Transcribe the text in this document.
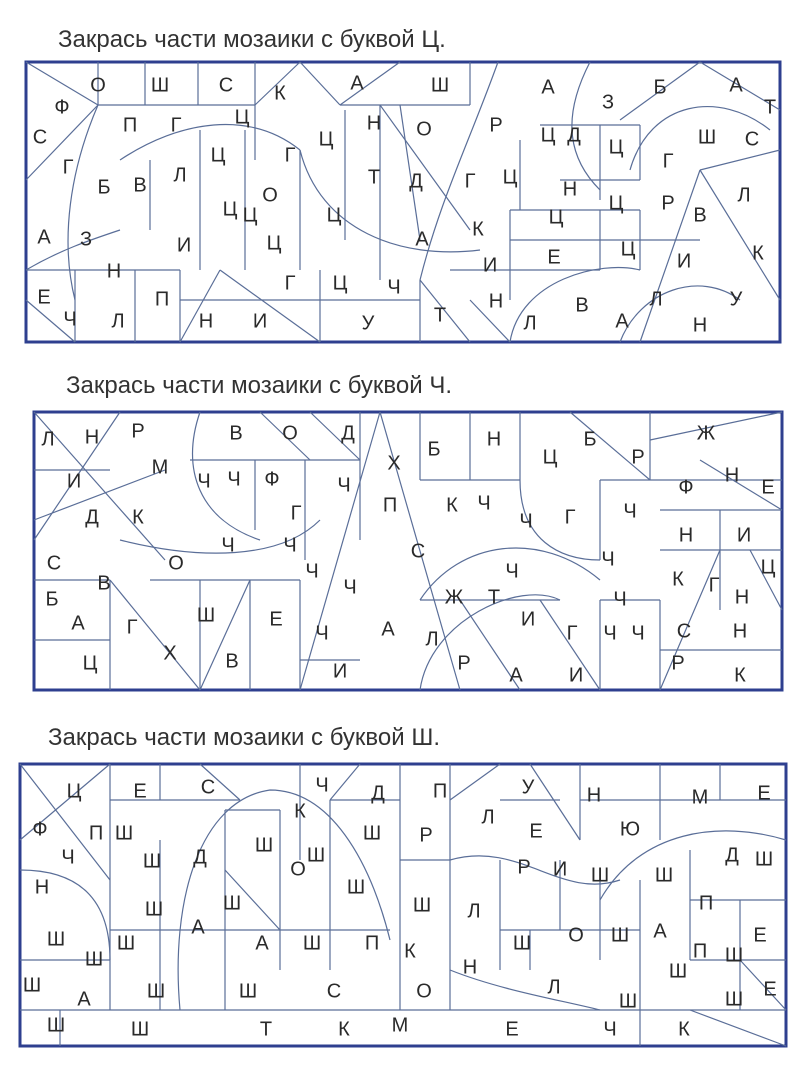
Закрась части мозаики с буквой Ц.
Закрась части мозаики с буквой Ч.
Закрась части мозаики с буквой Ш.
О Ш С К	А	Ш	А
З
Б	А
Т
Ф
С
П Г	Ц
Ц
Н О	Р Ц Д
Ц	Ш С
Г
Б В Л
Ц	Г
Ц
Т Д Г Ц
Н
Ц
Г
Р
В
Л
О
Ц	Ц
К
Ц
А
З	И	Ц
А
И	Е	Ц
И	К
Н
Г Ц
Ч
Е	П
Н
В	Л	У
Ч
Л
Н
И	У	Т	Л	А	Н
Л Н Р	В О Д
Б Н	Б	Ж
И
М
Ч Ч Ф	Ч
Х	Ц	Р
Ф
Н
Е
Д К	Г	П К Ч
Ч Г Ч
Н И
С
Ч Ч
С	О	Ч	Ч	Ц
В	Ч
Ч
К Г
Н
Ж Т	Ч
Б
А	Ш	Е	И
Г Ч Ч С Н
Г
Х
Ч	А Л
Ц	В	И	Р
А И
Р
К
Ц	Е	С	Ч Д П	У	Н	М Е
Ф П Ш
К
Ш Р
Л
Е	Ю
Ч	Ш Д
Ш Ш
О
Ш
Р И
Д Ш
Н
Ш	Ш	Ш Л
Ш Ш
П
Ш
А
Ш	А Ш П К
Н
Ш
Ш О Ш А
П Ш
Е
Ш
А	Ш	Ш	С	О	Л
Ш
Ш	Ш Е
Ш	Ш	Т	К М	Е	Ч	К
